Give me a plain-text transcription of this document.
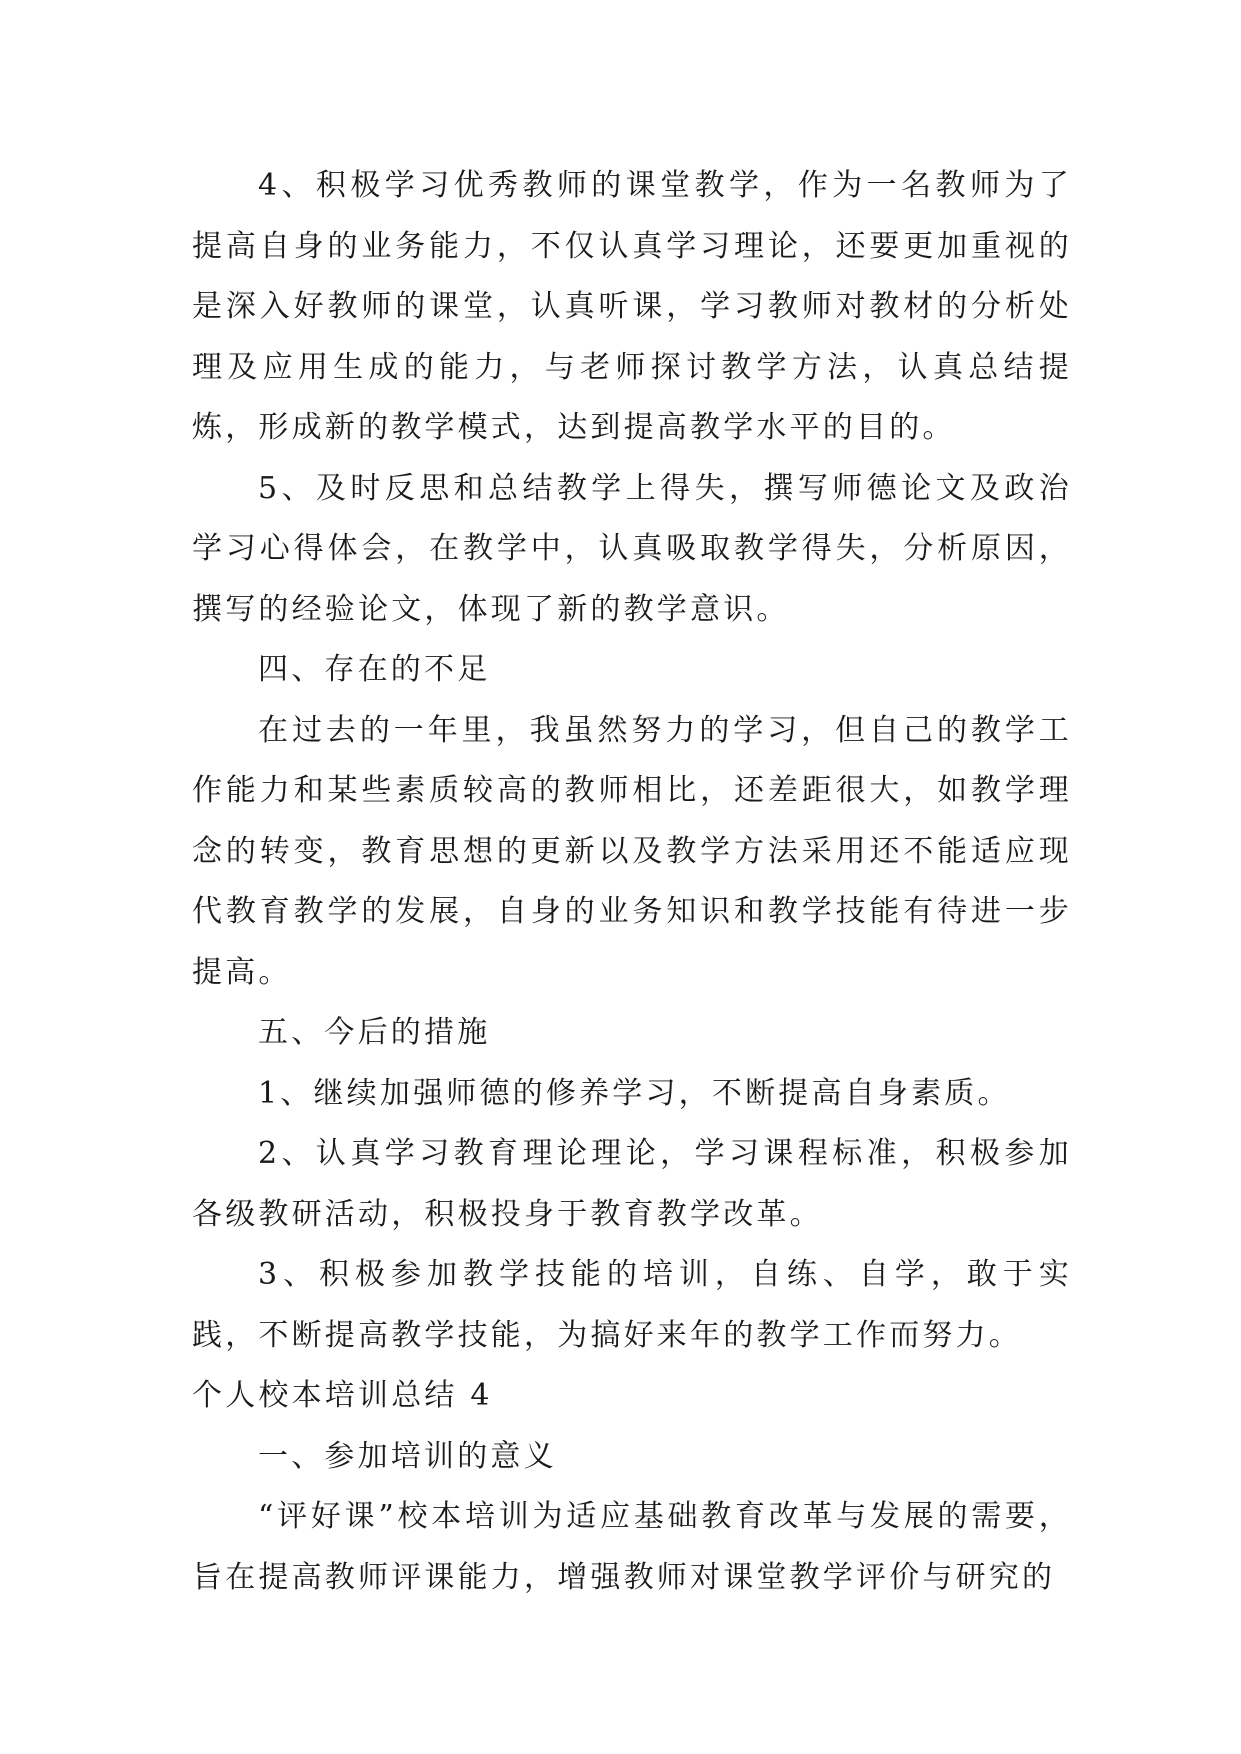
4、积极学习优秀教师的课堂教学，作为一名教师为了提高自身的业务能力，不仅认真学习理论，还要更加重视的是深入好教师的课堂，认真听课，学习教师对教材的分析处理及应用生成的能力，与老师探讨教学方法，认真总结提炼，形成新的教学模式，达到提高教学水平的目的。

5、及时反思和总结教学上得失，撰写师德论文及政治学习心得体会，在教学中，认真吸取教学得失，分析原因，撰写的经验论文，体现了新的教学意识。

四、存在的不足

在过去的一年里，我虽然努力的学习，但自己的教学工作能力和某些素质较高的教师相比，还差距很大，如教学理念的转变，教育思想的更新以及教学方法采用还不能适应现代教育教学的发展，自身的业务知识和教学技能有待进一步提高。

五、今后的措施

1、继续加强师德的修养学习，不断提高自身素质。

2、认真学习教育理论理论，学习课程标准，积极参加各级教研活动，积极投身于教育教学改革。

3、积极参加教学技能的培训，自练、自学，敢于实践，不断提高教学技能，为搞好来年的教学工作而努力。

个人校本培训总结 4

一、参加培训的意义

“评好课”校本培训为适应基础教育改革与发展的需要，旨在提高教师评课能力，增强教师对课堂教学评价与研究的
